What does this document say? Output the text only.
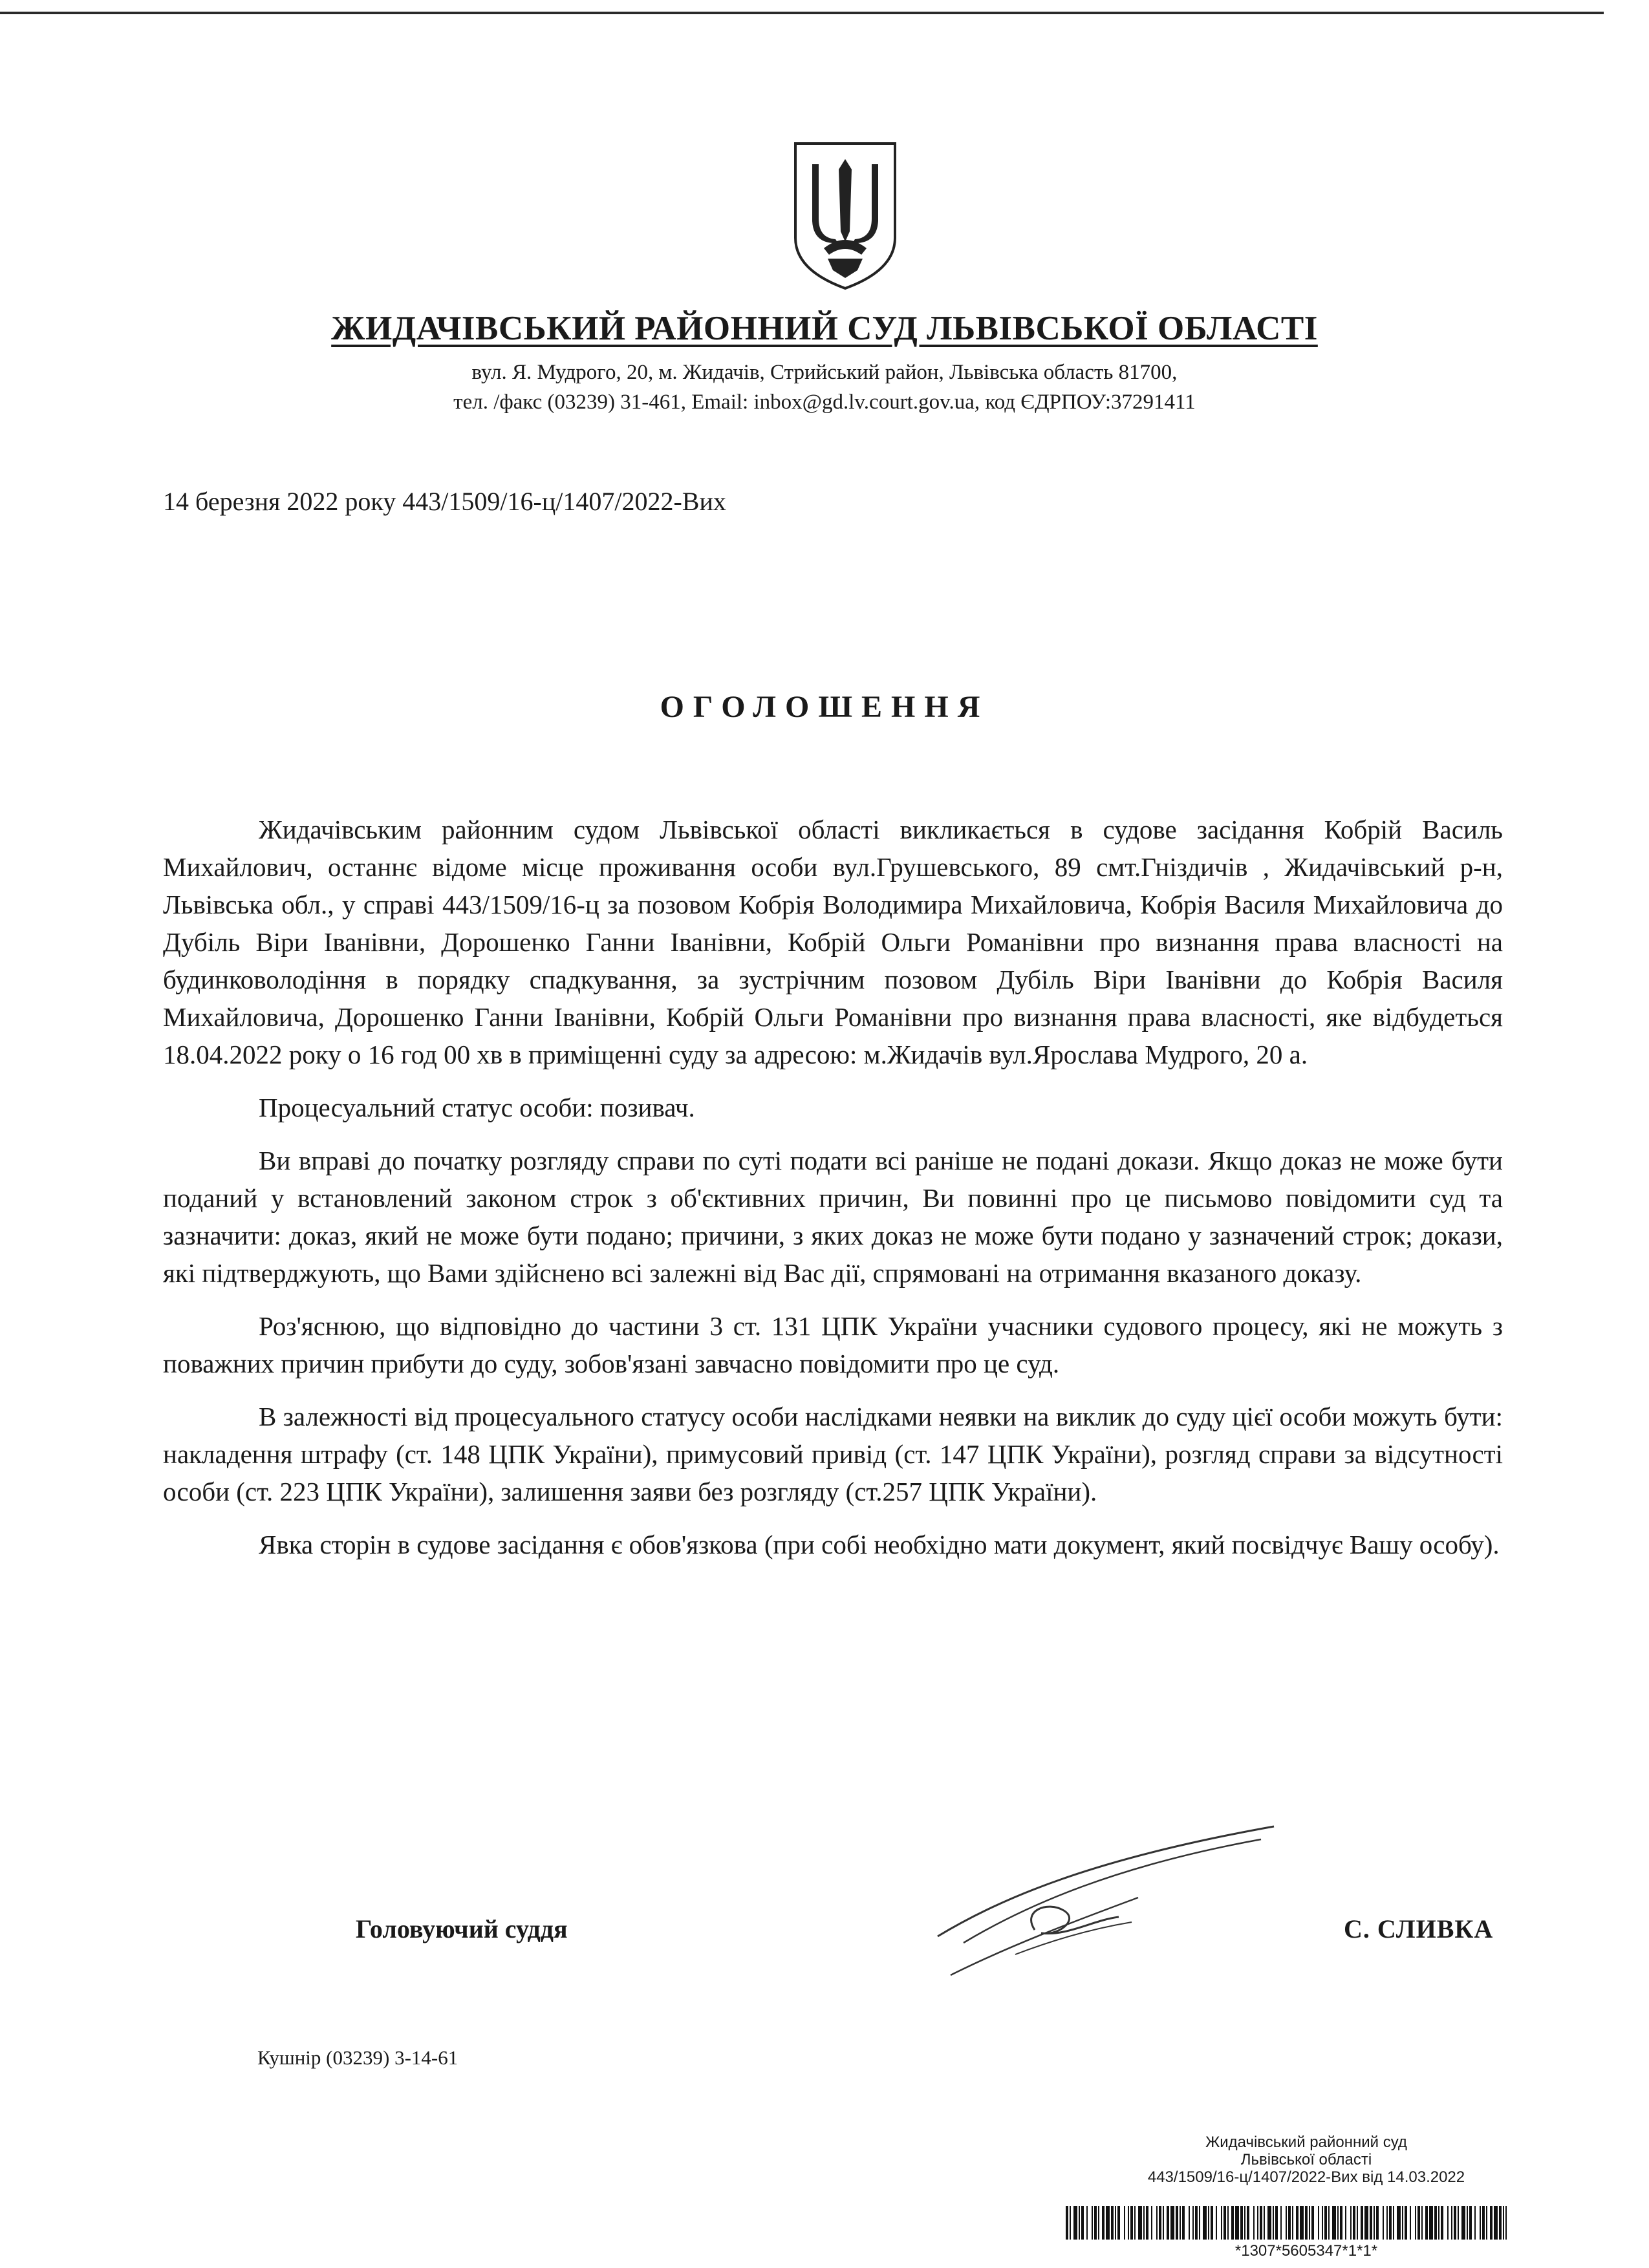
ЖИДАЧІВСЬКИЙ РАЙОННИЙ СУД ЛЬВІВСЬКОЇ ОБЛАСТІ
вул. Я. Мудрого, 20, м. Жидачів, Стрийський район, Львівська область 81700,
тел. /факс (03239) 31-461, Email: inbox@gd.lv.court.gov.ua, код ЄДРПОУ:37291411
14 березня 2022 року 443/1509/16-ц/1407/2022-Вих
ОГОЛОШЕННЯ

Жидачівським районним судом Львівської області викликається в судове засідання Кобрій Василь Михайлович, останнє відоме місце проживання особи вул.Грушевського, 89 смт.Гніздичів , Жидачівський р-н, Львівська обл., у справі 443/1509/16-ц за позовом Кобрія Володимира Михайловича, Кобрія Василя Михайловича до Дубіль Віри Іванівни, Дорошенко Ганни Іванівни, Кобрій Ольги Романівни про визнання права власності на будинковолодіння в порядку спадкування, за зустрічним позовом Дубіль Віри Іванівни до Кобрія Василя Михайловича, Дорошенко Ганни Іванівни, Кобрій Ольги Романівни про визнання права власності, яке відбудеться 18.04.2022 року о 16 год 00 хв в приміщенні суду за адресою: м.Жидачів вул.Ярослава Мудрого, 20 а.

Процесуальний статус особи: позивач.

Ви вправі до початку розгляду справи по суті подати всі раніше не подані докази. Якщо доказ не може бути поданий у встановлений законом строк з об'єктивних причин, Ви повинні про це письмово повідомити суд та зазначити: доказ, який не може бути подано; причини, з яких доказ не може бути подано у зазначений строк; докази, які підтверджують, що Вами здійснено всі залежні від Вас дії, спрямовані на отримання вказаного доказу.

Роз'яснюю, що відповідно до частини 3 ст. 131 ЦПК України учасники судового процесу, які не можуть з поважних причин прибути до суду, зобов'язані завчасно повідомити про це суд.

В залежності від процесуального статусу особи наслідками неявки на виклик до суду цієї особи можуть бути: накладення штрафу (ст. 148 ЦПК України), примусовий привід (ст. 147 ЦПК України), розгляд справи за відсутності особи (ст. 223 ЦПК України), залишення заяви без розгляду (ст.257 ЦПК України).

Явка сторін в судове засідання є обов'язкова (при собі необхідно мати документ, який посвідчує Вашу особу).

Головуючий суддя	С. СЛИВКА
Кушнір (03239) 3-14-61
Жидачівський районний суд
Львівської області
443/1509/16-ц/1407/2022-Вих від 14.03.2022
*1307*5605347*1*1*
